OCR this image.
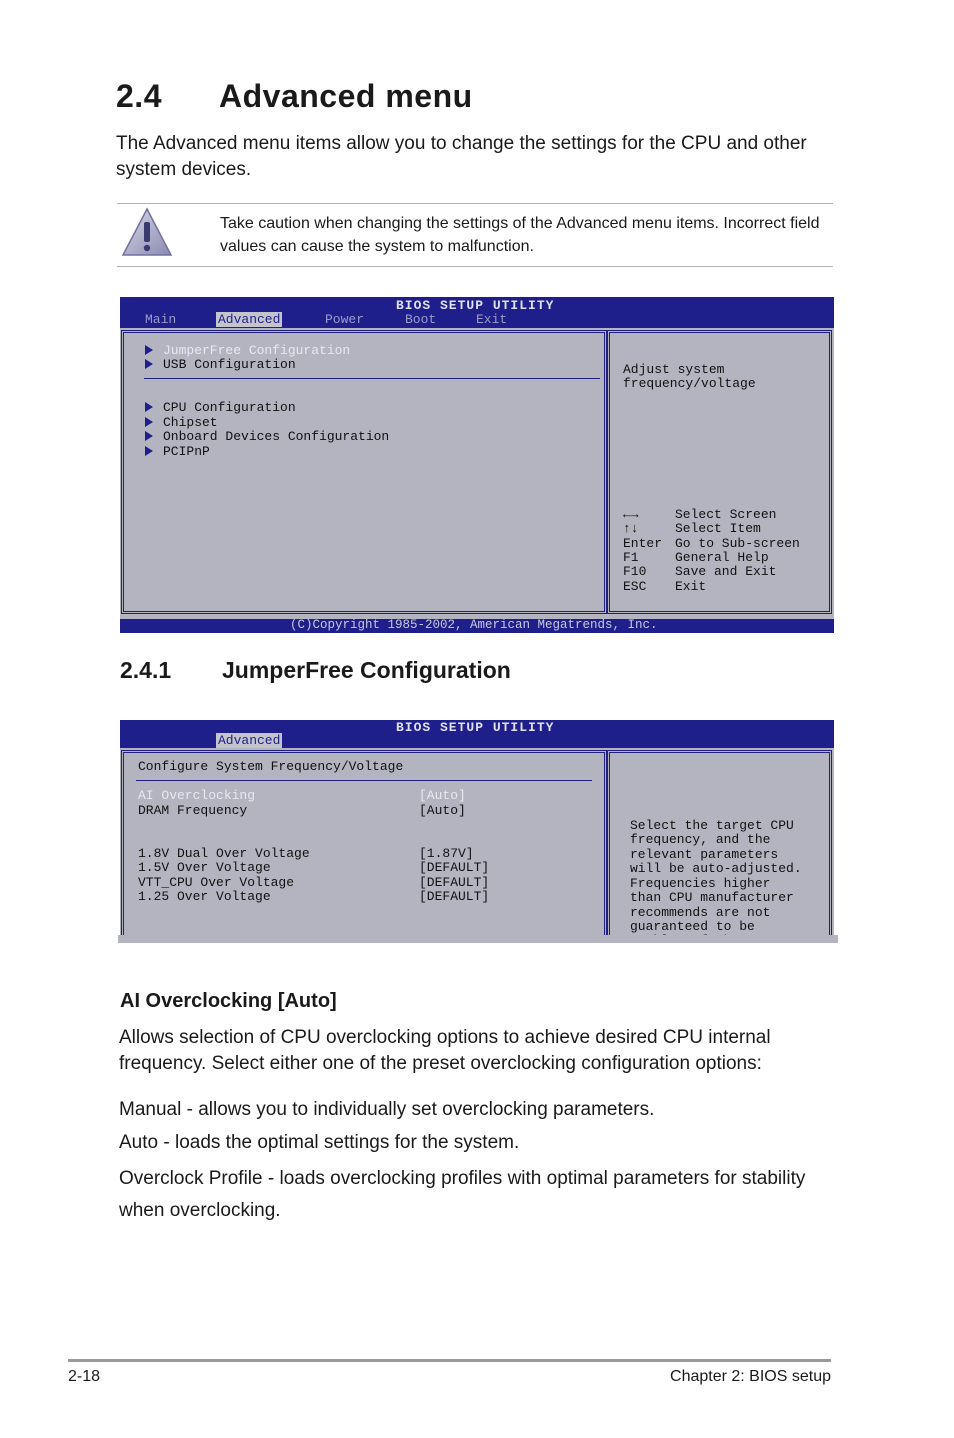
2.4 Advanced menu
The Advanced menu items allow you to change the settings for the CPU and other system devices.
Take caution when changing the settings of the Advanced menu items. Incorrect field values can cause the system to malfunction.
BIOS SETUP UTILITY
Main	Advanced	Power	Boot	Exit
JumperFree Configuration
USB Configuration
CPU Configuration
Chipset
Onboard Devices Configuration
PCIPnP
Adjust system
frequency/voltage
←→	Select Screen
↑↓	Select Item
Enter Go to Sub-screen
F1	General Help
F10 Save and Exit
ESC Exit
(C)Copyright 1985-2002, American Megatrends, Inc.
2.4.1 JumperFree Configuration
BIOS SETUP UTILITY
Advanced
Configure System Frequency/Voltage
AI Overclocking	[Auto]
DRAM Frequency	[Auto]
1.8V Dual Over Voltage	[1.87V]
1.5V Over Voltage	[DEFAULT]
VTT_CPU Over Voltage	[DEFAULT]
1.25 Over Voltage	[DEFAULT]
Select the target CPU
frequency, and the
relevant parameters
will be auto-adjusted.
Frequencies higher
than CPU manufacturer
recommends are not
guaranteed to be
AI Overclocking [Auto]
Allows selection of CPU overclocking options to achieve desired CPU internal frequency. Select either one of the preset overclocking configuration options:
Manual - allows you to individually set overclocking parameters.
Auto - loads the optimal settings for the system.
Overclock Profile - loads overclocking profiles with optimal parameters for stability when overclocking.
2-18	Chapter 2: BIOS setup
